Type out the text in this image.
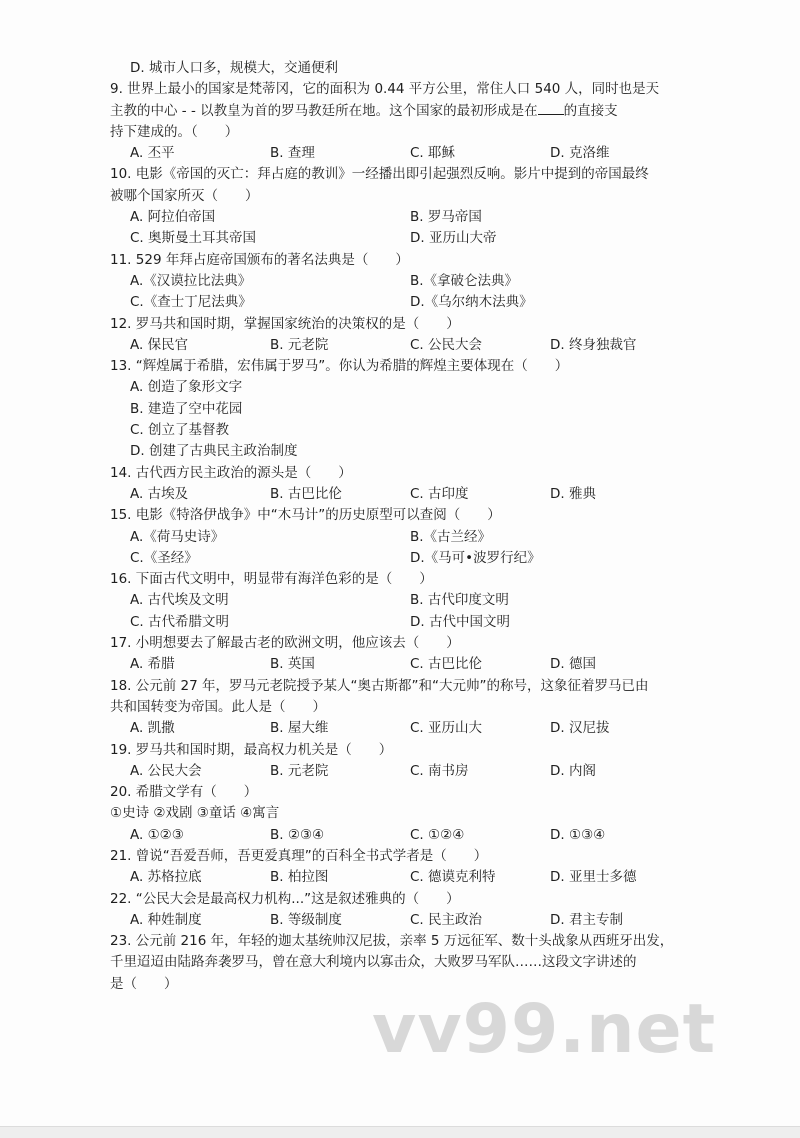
D. 城市人口多，规模大，交通便利
9. 世界上最小的国家是梵蒂冈，它的面积为 0.44 平方公里，常住人口 540 人，同时也是天
主教的中心 - - 以教皇为首的罗马教廷所在地。这个国家的最初形成是在 的直接支
持下建成的。（　　）
A. 丕平	B. 查理	C. 耶稣	D. 克洛维
10. 电影《帝国的灭亡：拜占庭的教训》一经播出即引起强烈反响。影片中提到的帝国最终
被哪个国家所灭（　　）
A. 阿拉伯帝国	B. 罗马帝国
C. 奥斯曼土耳其帝国	D. 亚历山大帝
11. 529 年拜占庭帝国颁布的著名法典是（　　）
A.《汉谟拉比法典》	B.《拿破仑法典》
C.《查士丁尼法典》	D.《乌尔纳木法典》
12. 罗马共和国时期，掌握国家统治的决策权的是（　　）
A. 保民官	B. 元老院	C. 公民大会	D. 终身独裁官
13. “辉煌属于希腊，宏伟属于罗马”。你认为希腊的辉煌主要体现在（　　）
A. 创造了象形文字
B. 建造了空中花园
C. 创立了基督教
D. 创建了古典民主政治制度
14. 古代西方民主政治的源头是（　　）
A. 古埃及	B. 古巴比伦	C. 古印度	D. 雅典
15. 电影《特洛伊战争》中“木马计”的历史原型可以查阅（　　）
A.《荷马史诗》	B.《古兰经》
C.《圣经》	D.《马可•波罗行纪》
16. 下面古代文明中，明显带有海洋色彩的是（　　）
A. 古代埃及文明	B. 古代印度文明
C. 古代希腊文明	D. 古代中国文明
17. 小明想要去了解最古老的欧洲文明，他应该去（　　）
A. 希腊	B. 英国	C. 古巴比伦	D. 德国
18. 公元前 27 年，罗马元老院授予某人“奥古斯都”和“大元帅”的称号，这象征着罗马已由
共和国转变为帝国。此人是（　　）
A. 凯撒	B. 屋大维	C. 亚历山大	D. 汉尼拔
19. 罗马共和国时期，最高权力机关是（　　）
A. 公民大会	B. 元老院	C. 南书房	D. 内阁
20. 希腊文学有（　　）
①史诗 ②戏剧 ③童话 ④寓言
A. ①②③	B. ②③④	C. ①②④	D. ①③④
21. 曾说“吾爱吾师，吾更爱真理”的百科全书式学者是（　　）
A. 苏格拉底	B. 柏拉图	C. 德谟克利特	D. 亚里士多德
22. “公民大会是最高权力机构...”这是叙述雅典的（　　）
A. 种姓制度	B. 等级制度	C. 民主政治	D. 君主专制
23. 公元前 216 年，年轻的迦太基统帅汉尼拔，亲率 5 万远征军、数十头战象从西班牙出发，
千里迢迢由陆路奔袭罗马，曾在意大利境内以寡击众，大败罗马军队……这段文字讲述的
是（　　）
vv99.net
